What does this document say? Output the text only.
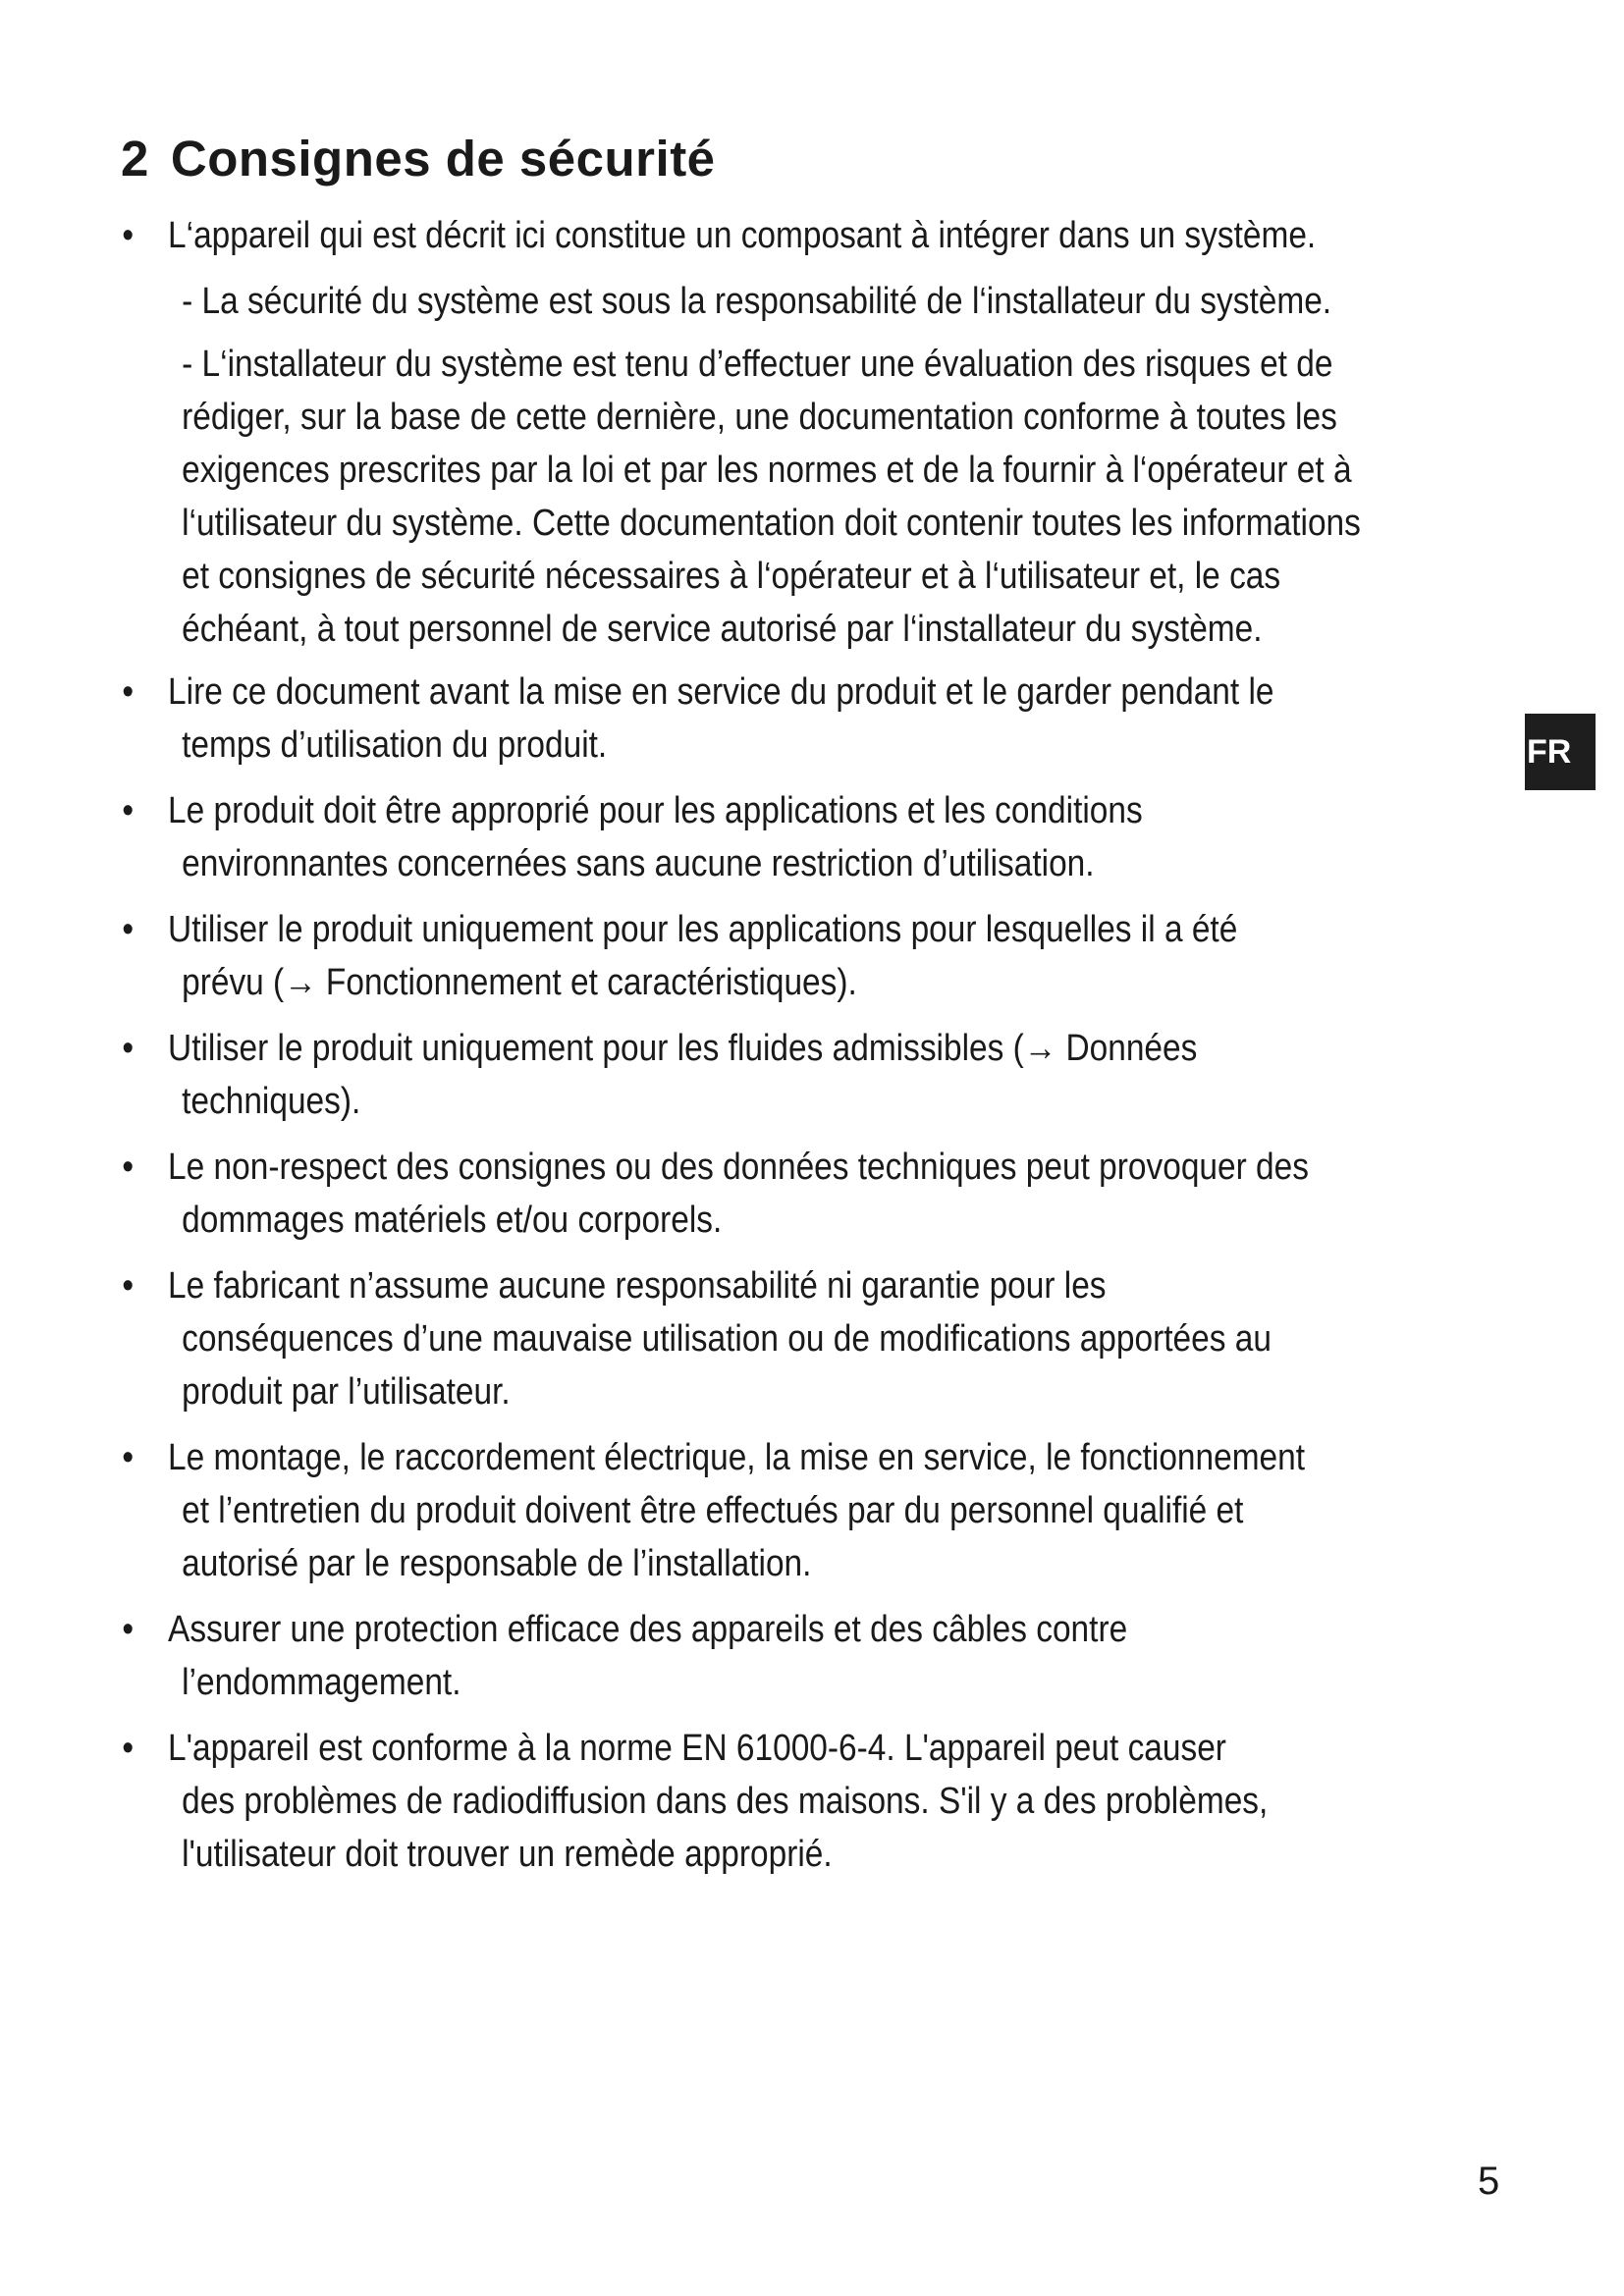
2 Consignes de sécurité
• L‘appareil qui est décrit ici constitue un composant à intégrer dans un système.
- La sécurité du système est sous la responsabilité de l‘installateur du système.
- L‘installateur du système est tenu d’effectuer une évaluation des risques et de rédiger, sur la base de cette dernière, une documentation conforme à toutes les exigences prescrites par la loi et par les normes et de la fournir à l‘opérateur et à l‘utilisateur du système. Cette documentation doit contenir toutes les informations et consignes de sécurité nécessaires à l‘opérateur et à l‘utilisateur et, le cas échéant, à tout personnel de service autorisé par l‘installateur du système.
• Lire ce document avant la mise en service du produit et le garder pendant le
temps d’utilisation du produit.
• Le produit doit être approprié pour les applications et les conditions
environnantes concernées sans aucune restriction d’utilisation.
• Utiliser le produit uniquement pour les applications pour lesquelles il a été
prévu (→ Fonctionnement et caractéristiques).
• Utiliser le produit uniquement pour les fluides admissibles (→ Données
techniques).
• Le non-respect des consignes ou des données techniques peut provoquer des
dommages matériels et/ou corporels.
• Le fabricant n’assume aucune responsabilité ni garantie pour les
conséquences d’une mauvaise utilisation ou de modifications apportées au produit par l’utilisateur.
• Le montage, le raccordement électrique, la mise en service, le fonctionnement
et l’entretien du produit doivent être effectués par du personnel qualifié et autorisé par le responsable de l’installation.
• Assurer une protection efficace des appareils et des câbles contre
l’endommagement.
• L'appareil est conforme à la norme EN 61000-6-4. L'appareil peut causer
des problèmes de radiodiffusion dans des maisons. S'il y a des problèmes, l'utilisateur doit trouver un remède approprié.
FR
5
